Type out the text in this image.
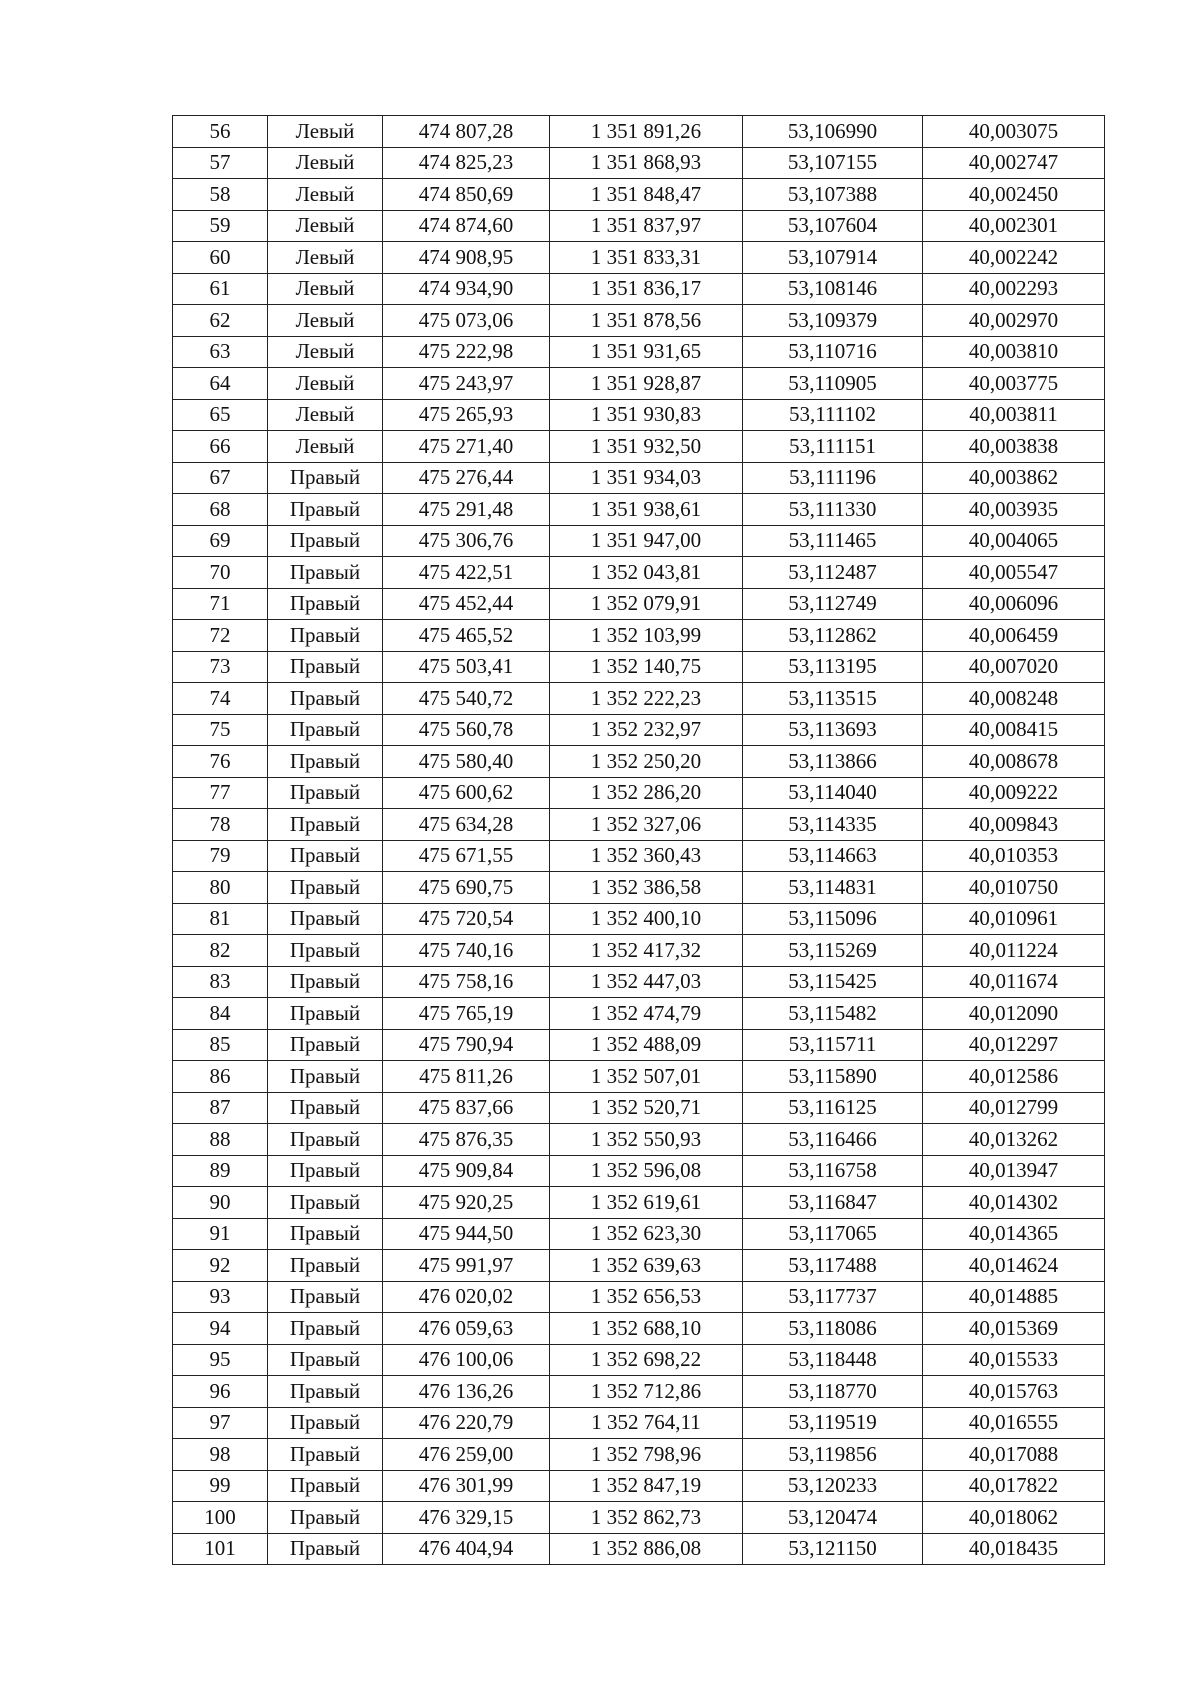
56	Левый	474 807,28	1 351 891,26	53,106990	40,003075
57	Левый	474 825,23	1 351 868,93	53,107155	40,002747
58	Левый	474 850,69	1 351 848,47	53,107388	40,002450
59	Левый	474 874,60	1 351 837,97	53,107604	40,002301
60	Левый	474 908,95	1 351 833,31	53,107914	40,002242
61	Левый	474 934,90	1 351 836,17	53,108146	40,002293
62	Левый	475 073,06	1 351 878,56	53,109379	40,002970
63	Левый	475 222,98	1 351 931,65	53,110716	40,003810
64	Левый	475 243,97	1 351 928,87	53,110905	40,003775
65	Левый	475 265,93	1 351 930,83	53,111102	40,003811
66	Левый	475 271,40	1 351 932,50	53,111151	40,003838
67	Правый	475 276,44	1 351 934,03	53,111196	40,003862
68	Правый	475 291,48	1 351 938,61	53,111330	40,003935
69	Правый	475 306,76	1 351 947,00	53,111465	40,004065
70	Правый	475 422,51	1 352 043,81	53,112487	40,005547
71	Правый	475 452,44	1 352 079,91	53,112749	40,006096
72	Правый	475 465,52	1 352 103,99	53,112862	40,006459
73	Правый	475 503,41	1 352 140,75	53,113195	40,007020
74	Правый	475 540,72	1 352 222,23	53,113515	40,008248
75	Правый	475 560,78	1 352 232,97	53,113693	40,008415
76	Правый	475 580,40	1 352 250,20	53,113866	40,008678
77	Правый	475 600,62	1 352 286,20	53,114040	40,009222
78	Правый	475 634,28	1 352 327,06	53,114335	40,009843
79	Правый	475 671,55	1 352 360,43	53,114663	40,010353
80	Правый	475 690,75	1 352 386,58	53,114831	40,010750
81	Правый	475 720,54	1 352 400,10	53,115096	40,010961
82	Правый	475 740,16	1 352 417,32	53,115269	40,011224
83	Правый	475 758,16	1 352 447,03	53,115425	40,011674
84	Правый	475 765,19	1 352 474,79	53,115482	40,012090
85	Правый	475 790,94	1 352 488,09	53,115711	40,012297
86	Правый	475 811,26	1 352 507,01	53,115890	40,012586
87	Правый	475 837,66	1 352 520,71	53,116125	40,012799
88	Правый	475 876,35	1 352 550,93	53,116466	40,013262
89	Правый	475 909,84	1 352 596,08	53,116758	40,013947
90	Правый	475 920,25	1 352 619,61	53,116847	40,014302
91	Правый	475 944,50	1 352 623,30	53,117065	40,014365
92	Правый	475 991,97	1 352 639,63	53,117488	40,014624
93	Правый	476 020,02	1 352 656,53	53,117737	40,014885
94	Правый	476 059,63	1 352 688,10	53,118086	40,015369
95	Правый	476 100,06	1 352 698,22	53,118448	40,015533
96	Правый	476 136,26	1 352 712,86	53,118770	40,015763
97	Правый	476 220,79	1 352 764,11	53,119519	40,016555
98	Правый	476 259,00	1 352 798,96	53,119856	40,017088
99	Правый	476 301,99	1 352 847,19	53,120233	40,017822
100	Правый	476 329,15	1 352 862,73	53,120474	40,018062
101	Правый	476 404,94	1 352 886,08	53,121150	40,018435
